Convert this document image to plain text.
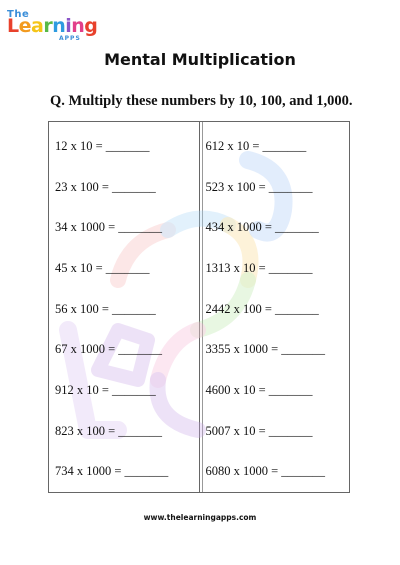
The
Learning
APPS
Mental Multiplication
Q. Multiply these numbers by 10, 100, and 1,000.
12 x 10 = _______
23 x 100 = _______
34 x 1000 = _______
45 x 10 = _______
56 x 100 = _______
67 x 1000 = _______
912 x 10 = _______
823 x 100 = _______
734 x 1000 = _______
612 x 10 = _______
523 x 100 = _______
434 x 1000 = _______
1313 x 10 = _______
2442 x 100 = _______
3355 x 1000 = _______
4600 x 10 = _______
5007 x 10 = _______
6080 x 1000 = _______
www.thelearningapps.com
